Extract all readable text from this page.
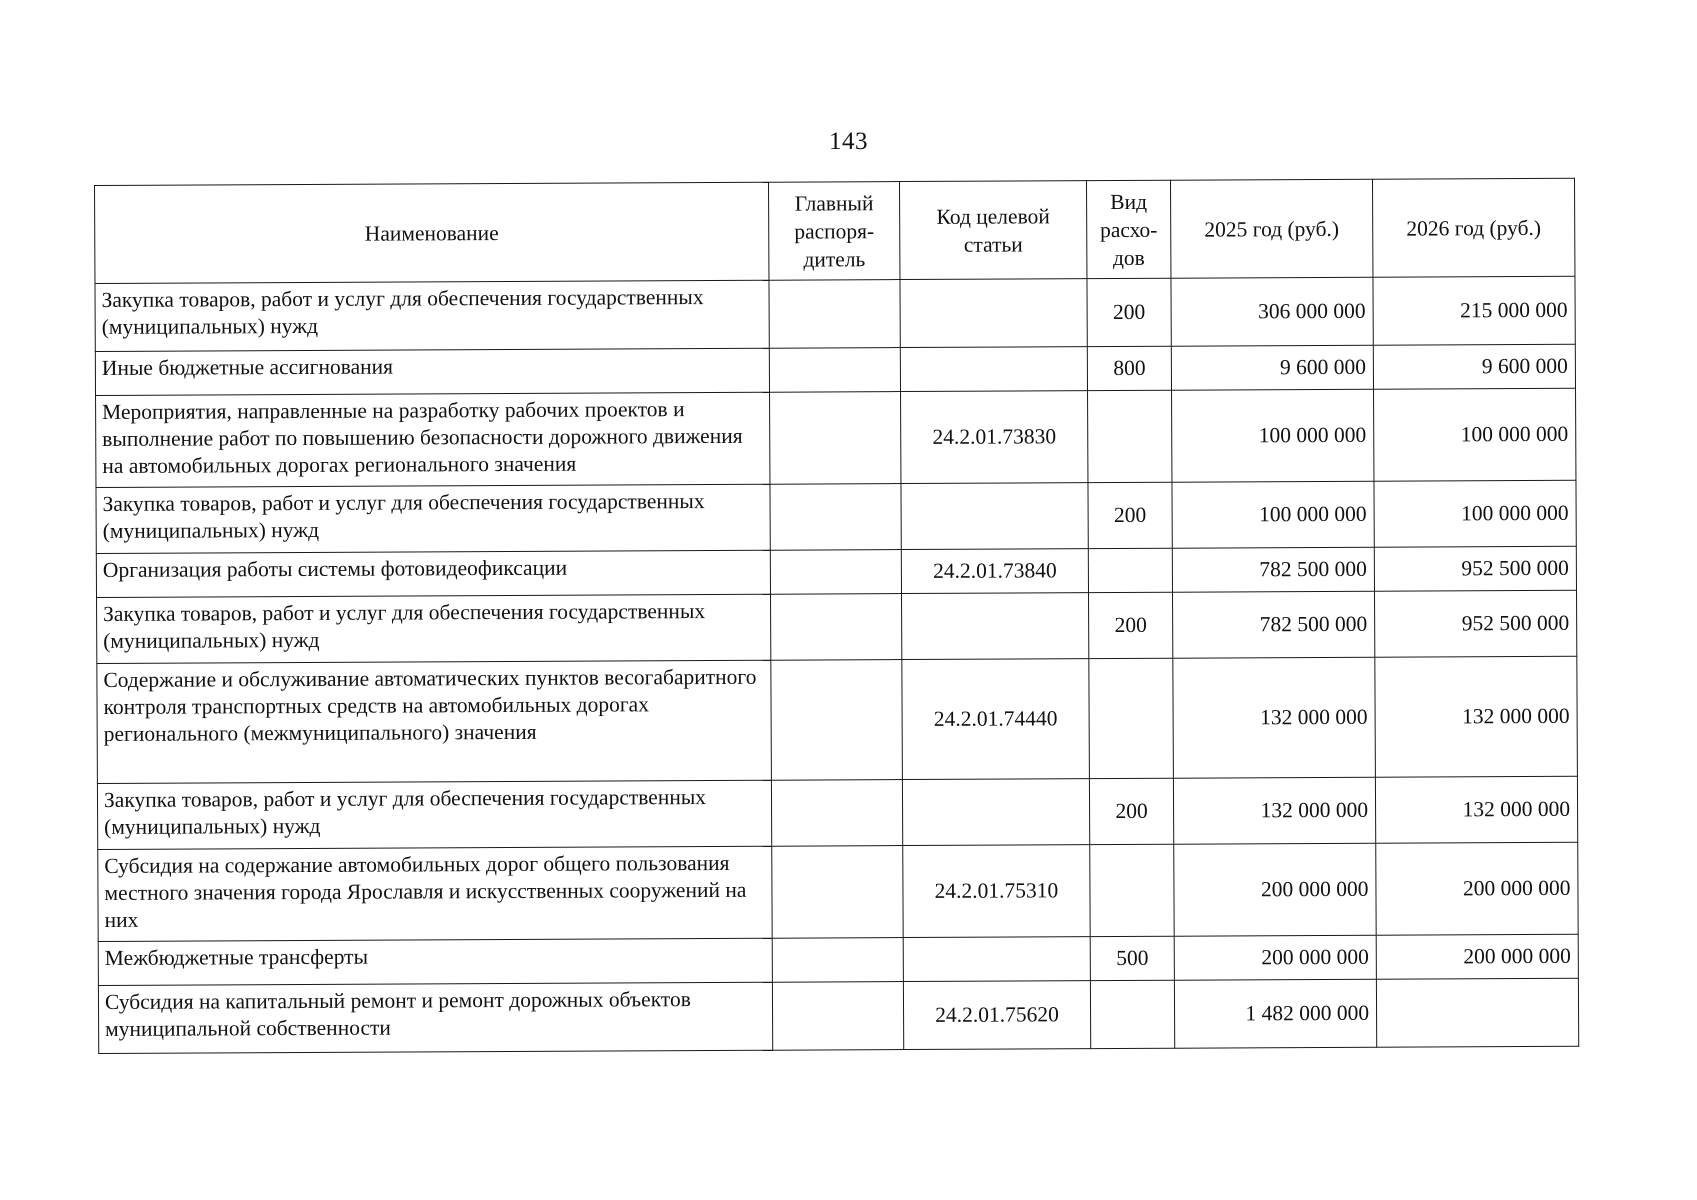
143
Наименование	Главный распоря-дитель	Код целевой статьи	Вид расхо-дов	2025 год (руб.)	2026 год (руб.)
Закупка товаров, работ и услуг для обеспечения государственных (муниципальных) нужд			200	306 000 000	215 000 000
Иные бюджетные ассигнования			800	9 600 000	9 600 000
Мероприятия, направленные на разработку рабочих проектов и выполнение работ по повышению безопасности дорожного движения на автомобильных дорогах регионального значения		24.2.01.73830		100 000 000	100 000 000
Закупка товаров, работ и услуг для обеспечения государственных (муниципальных) нужд			200	100 000 000	100 000 000
Организация работы системы фотовидеофиксации		24.2.01.73840		782 500 000	952 500 000
Закупка товаров, работ и услуг для обеспечения государственных (муниципальных) нужд			200	782 500 000	952 500 000
Содержание и обслуживание автоматических пунктов весогабаритного контроля транспортных средств на автомобильных дорогах регионального (межмуниципального) значения		24.2.01.74440		132 000 000	132 000 000
Закупка товаров, работ и услуг для обеспечения государственных (муниципальных) нужд			200	132 000 000	132 000 000
Субсидия на содержание автомобильных дорог общего пользования местного значения города Ярославля и искусственных сооружений на них		24.2.01.75310		200 000 000	200 000 000
Межбюджетные трансферты			500	200 000 000	200 000 000
Субсидия на капитальный ремонт и ремонт дорожных объектов муниципальной собственности		24.2.01.75620		1 482 000 000	
